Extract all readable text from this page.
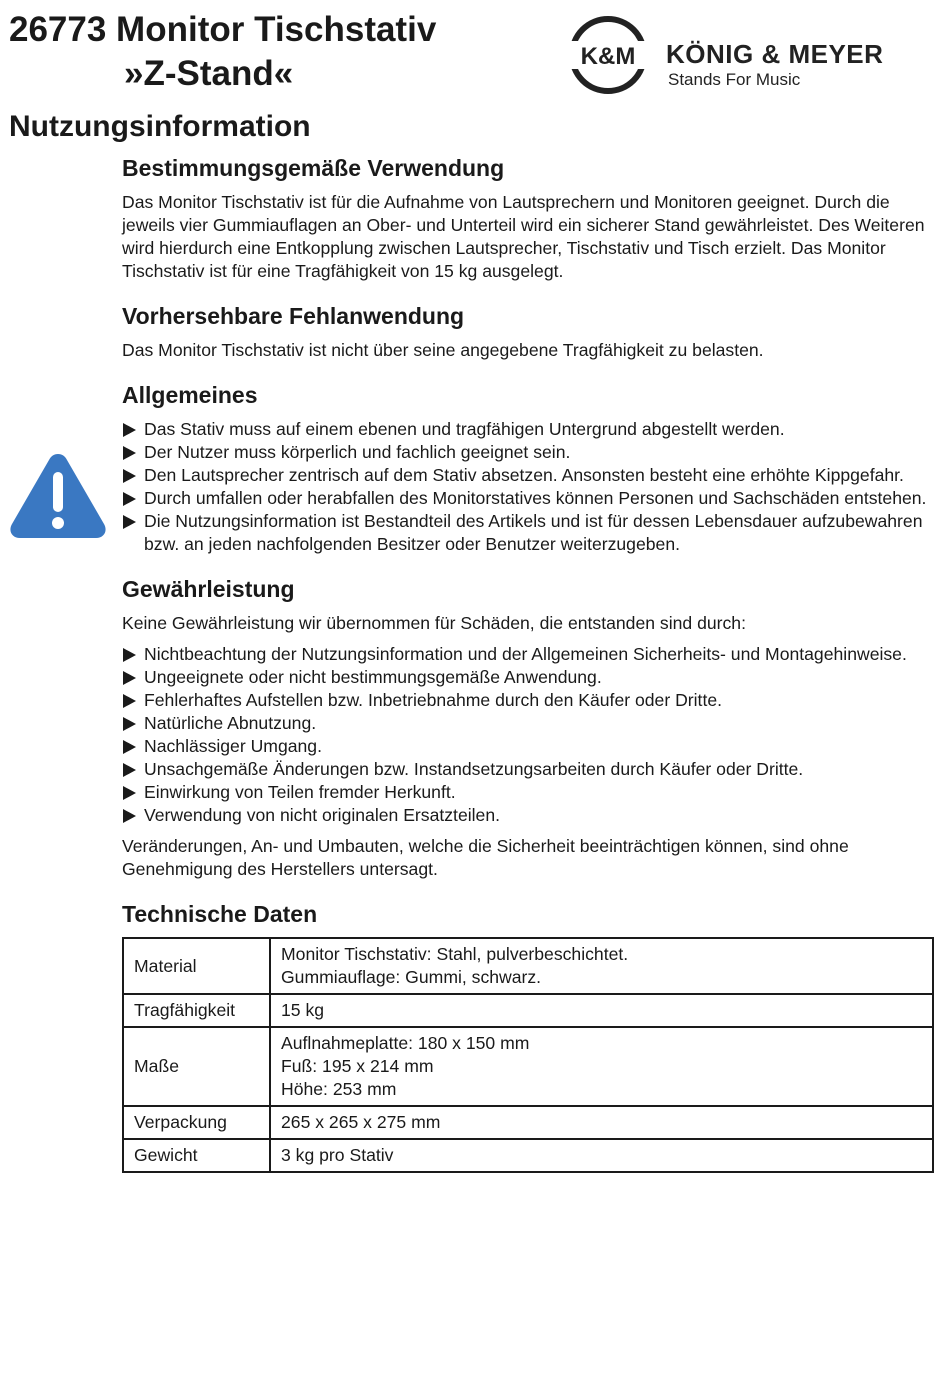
26773 Monitor Tischstativ
»Z-Stand«	K&M KÖNIG & MEYER
Stands For Music
Nutzungsinformation
Bestimmungsgemäße Verwendung

Das Monitor Tischstativ ist für die Aufnahme von Lautsprechern und Monitoren geeignet. Durch die jeweils vier Gummiauflagen an Ober- und Unterteil wird ein sicherer Stand gewährleistet. Des Weiteren wird hierdurch eine Entkopplung zwischen Lautsprecher, Tischstativ und Tisch erzielt. Das Monitor Tischstativ ist für eine Tragfähigkeit von 15 kg ausgelegt.

Vorhersehbare Fehlanwendung

Das Monitor Tischstativ ist nicht über seine angegebene Tragfähigkeit zu belasten.

Allgemeines
Das Stativ muss auf einem ebenen und tragfähigen Untergrund abgestellt werden.
Der Nutzer muss körperlich und fachlich geeignet sein.
Den Lautsprecher zentrisch auf dem Stativ absetzen. Ansonsten besteht eine erhöhte Kippgefahr.
Durch umfallen oder herabfallen des Monitorstatives können Personen und Sachschäden entstehen.
Die Nutzungsinformation ist Bestandteil des Artikels und ist für dessen Lebensdauer aufzubewahren bzw. an jeden nachfolgenden Besitzer oder Benutzer weiterzugeben.
Gewährleistung

Keine Gewährleistung wir übernommen für Schäden, die entstanden sind durch:

Nichtbeachtung der Nutzungsinformation und der Allgemeinen Sicherheits- und Montagehinweise.
Ungeeignete oder nicht bestimmungsgemäße Anwendung.
Fehlerhaftes Aufstellen bzw. Inbetriebnahme durch den Käufer oder Dritte.
Natürliche Abnutzung.
Nachlässiger Umgang.
Unsachgemäße Änderungen bzw. Instandsetzungsarbeiten durch Käufer oder Dritte.
Einwirkung von Teilen fremder Herkunft.
Verwendung von nicht originalen Ersatzteilen.

Veränderungen, An- und Umbauten, welche die Sicherheit beeinträchtigen können, sind ohne Genehmigung des Herstellers untersagt.

Technische Daten
Material	Monitor Tischstativ: Stahl, pulverbeschichtet.
Gummiauflage: Gummi, schwarz.

Tragfähigkeit	15 kg

Maße	Auflnahmeplatte: 180 x 150 mm
Fuß: 195 x 214 mm
Höhe: 253 mm

Verpackung	265 x 265 x 275 mm

Gewicht	3 kg pro Stativ
